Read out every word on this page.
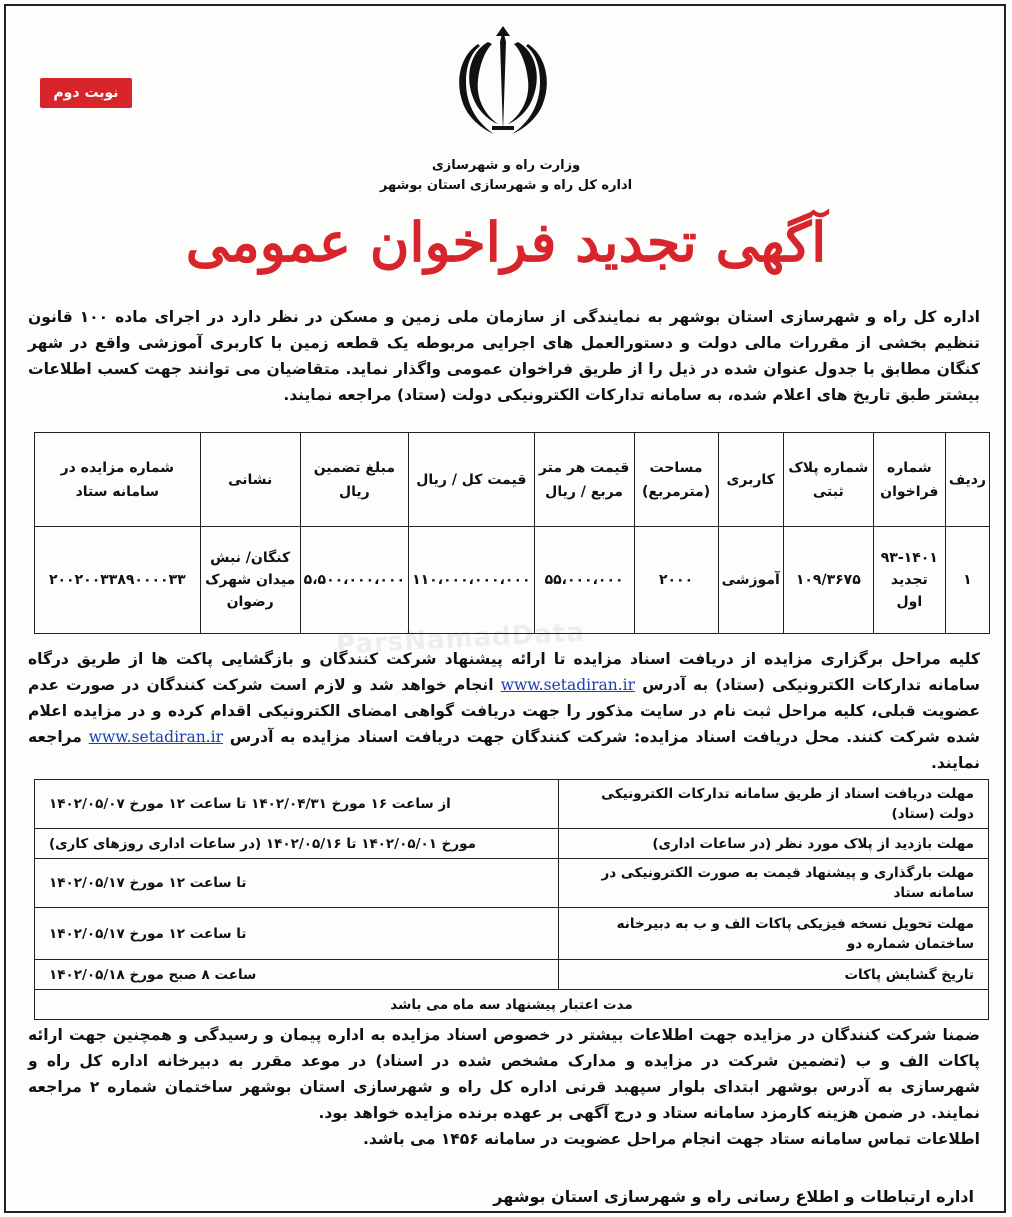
نوبت دوم
وزارت راه و شهرسازی
اداره کل راه و شهرسازی استان بوشهر
آگهی تجدید فراخوان عمومی
اداره کل راه و شهرسازی استان بوشهر به نمایندگی از سازمان ملی زمین و مسکن در نظر دارد در اجرای ماده ۱۰۰ قانون تنظیم بخشی از مقررات مالی دولت و دستورالعمل های اجرایی مربوطه یک قطعه زمین با کاربری آموزشی واقع در شهر کنگان مطابق با جدول عنوان شده در ذیل را از طریق فراخوان عمومی واگذار نماید. متقاضیان می توانند جهت کسب اطلاعات بیشتر طبق تاریخ های اعلام شده، به سامانه تدارکات الکترونیکی دولت (ستاد) مراجعه نمایند.
ردیف	شماره فراخوان	شماره پلاک ثبتی	کاربری	مساحت (مترمربع)	قیمت هر متر مربع / ریال	قیمت کل / ریال	مبلغ تضمین ریال	نشانی	شماره مزایده در سامانه ستاد
۱	۹۳-۱۴۰۱ تجدید اول	۱۰۹/۳۶۷۵	آموزشی	۲۰۰۰	۵۵،۰۰۰،۰۰۰	۱۱۰،۰۰۰،۰۰۰،۰۰۰	۵،۵۰۰،۰۰۰،۰۰۰	کنگان/ نبش میدان شهرک رضوان	۲۰۰۲۰۰۳۳۸۹۰۰۰۰۳۳
ParsNamadData
کلیه مراحل برگزاری مزایده از دریافت اسناد مزایده تا ارائه پیشنهاد شرکت کنندگان و بازگشایی پاکت ها از طریق درگاه سامانه تدارکات الکترونیکی (ستاد) به آدرس www.setadiran.ir انجام خواهد شد و لازم است شرکت کنندگان در صورت عدم عضویت قبلی، کلیه مراحل ثبت نام در سایت مذکور را جهت دریافت گواهی امضای الکترونیکی اقدام کرده و در مزایده اعلام شده شرکت کنند. محل دریافت اسناد مزایده: شرکت کنندگان جهت دریافت اسناد مزایده به آدرس www.setadiran.ir مراجعه نمایند.
مهلت دریافت اسناد از طریق سامانه تدارکات الکترونیکی دولت (ستاد)	از ساعت ۱۶ مورخ ۱۴۰۲/۰۴/۳۱ تا ساعت ۱۲ مورخ ۱۴۰۲/۰۵/۰۷
مهلت بازدید از پلاک مورد نظر (در ساعات اداری)	مورخ ۱۴۰۲/۰۵/۰۱ تا ۱۴۰۲/۰۵/۱۶ (در ساعات اداری روزهای کاری)
مهلت بارگذاری و پیشنهاد قیمت به صورت الکترونیکی در سامانه ستاد	تا ساعت ۱۲ مورخ ۱۴۰۲/۰۵/۱۷
مهلت تحویل نسخه فیزیکی پاکات الف و ب به دبیرخانه ساختمان شماره دو	تا ساعت ۱۲ مورخ ۱۴۰۲/۰۵/۱۷
تاریخ گشایش پاکات	ساعت ۸ صبح مورخ ۱۴۰۲/۰۵/۱۸
مدت اعتبار پیشنهاد سه ماه می باشد	
ضمنا شرکت کنندگان در مزایده جهت اطلاعات بیشتر در خصوص اسناد مزایده به اداره پیمان و رسیدگی و همچنین جهت ارائه پاکات الف و ب (تضمین شرکت در مزایده و مدارک مشخص شده در اسناد) در موعد مقرر به دبیرخانه اداره کل راه و شهرسازی به آدرس بوشهر ابتدای بلوار سپهبد قرنی اداره کل راه و شهرسازی استان بوشهر ساختمان شماره ۲ مراجعه نمایند. در ضمن هزینه کارمزد سامانه ستاد و درج آگهی بر عهده برنده مزایده خواهد بود.
اطلاعات تماس سامانه ستاد جهت انجام مراحل عضویت در سامانه ۱۴۵۶ می باشد.
اداره ارتباطات و اطلاع رسانی راه و شهرسازی استان بوشهر
